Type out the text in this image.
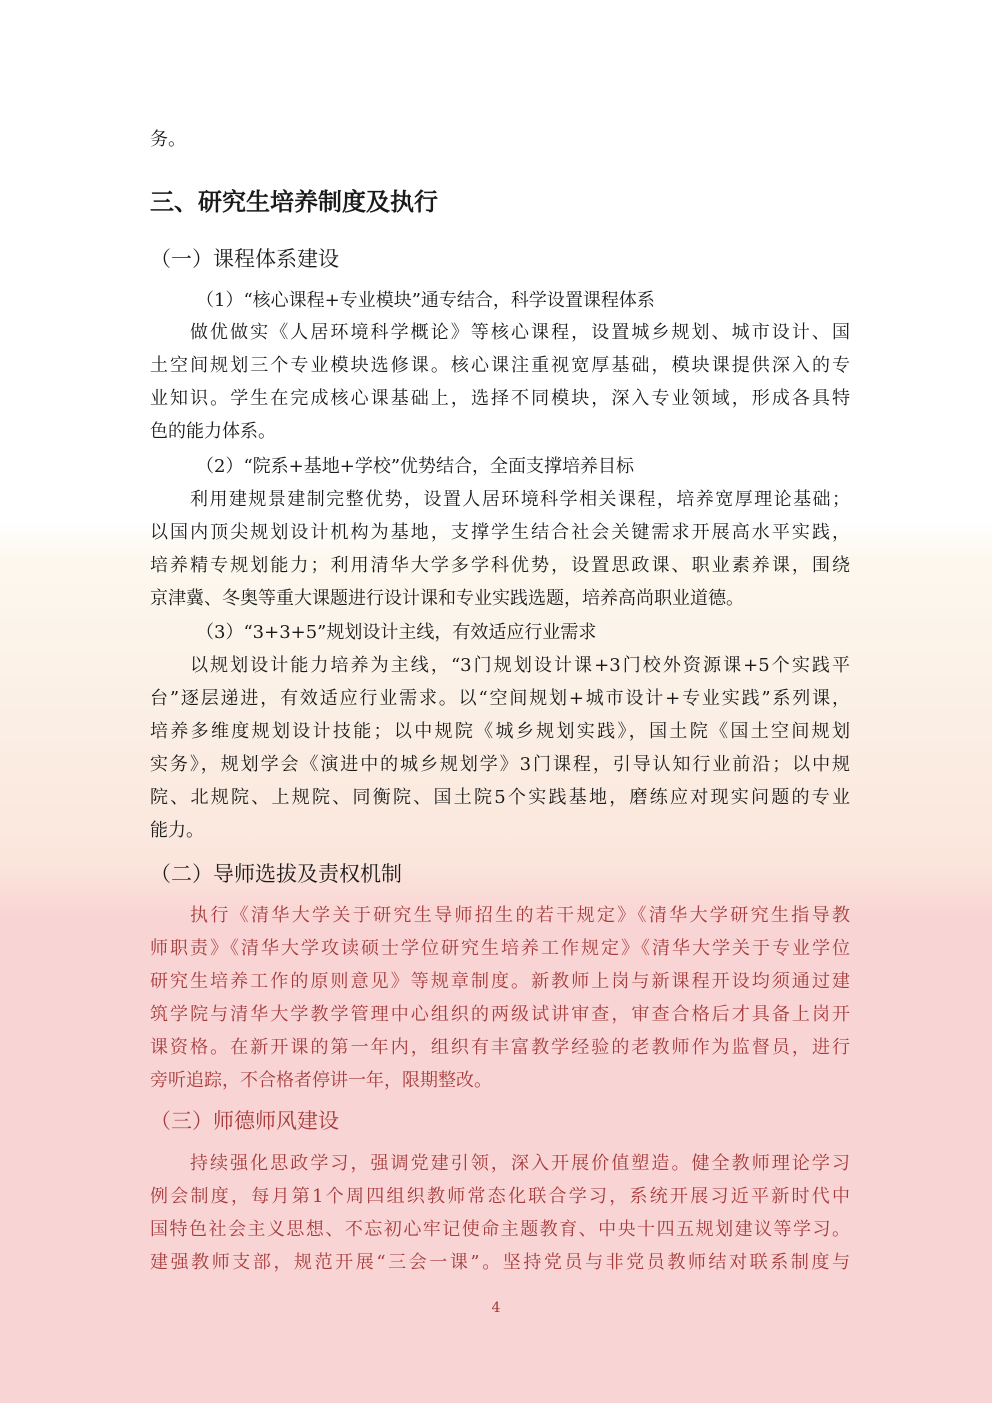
务。
三、研究生培养制度及执行
（一）课程体系建设
（1）“核心课程+专业模块”通专结合，科学设置课程体系
做优做实《人居环境科学概论》等核心课程，设置城乡规划、城市设计、国
土空间规划三个专业模块选修课。核心课注重视宽厚基础，模块课提供深入的专
业知识。学生在完成核心课基础上，选择不同模块，深入专业领域，形成各具特
色的能力体系。
（2）“院系+基地+学校”优势结合，全面支撑培养目标
利用建规景建制完整优势，设置人居环境科学相关课程，培养宽厚理论基础；
以国内顶尖规划设计机构为基地，支撑学生结合社会关键需求开展高水平实践，
培养精专规划能力；利用清华大学多学科优势，设置思政课、职业素养课，围绕
京津冀、冬奥等重大课题进行设计课和专业实践选题，培养高尚职业道德。
（3）“3+3+5”规划设计主线，有效适应行业需求
以规划设计能力培养为主线，“3门规划设计课+3门校外资源课+5个实践平
台”逐层递进，有效适应行业需求。以“空间规划+城市设计+专业实践”系列课，
培养多维度规划设计技能；以中规院《城乡规划实践》，国土院《国土空间规划
实务》，规划学会《演进中的城乡规划学》3门课程，引导认知行业前沿；以中规
院、北规院、上规院、同衡院、国土院5个实践基地，磨练应对现实问题的专业
能力。
（二）导师选拔及责权机制
执行《清华大学关于研究生导师招生的若干规定》《清华大学研究生指导教
师职责》《清华大学攻读硕士学位研究生培养工作规定》《清华大学关于专业学位
研究生培养工作的原则意见》等规章制度。新教师上岗与新课程开设均须通过建
筑学院与清华大学教学管理中心组织的两级试讲审查，审查合格后才具备上岗开
课资格。在新开课的第一年内，组织有丰富教学经验的老教师作为监督员，进行
旁听追踪，不合格者停讲一年，限期整改。
（三）师德师风建设
持续强化思政学习，强调党建引领，深入开展价值塑造。健全教师理论学习
例会制度，每月第1个周四组织教师常态化联合学习，系统开展习近平新时代中
国特色社会主义思想、不忘初心牢记使命主题教育、中央十四五规划建议等学习。
建强教师支部，规范开展“三会一课”。坚持党员与非党员教师结对联系制度与
4
